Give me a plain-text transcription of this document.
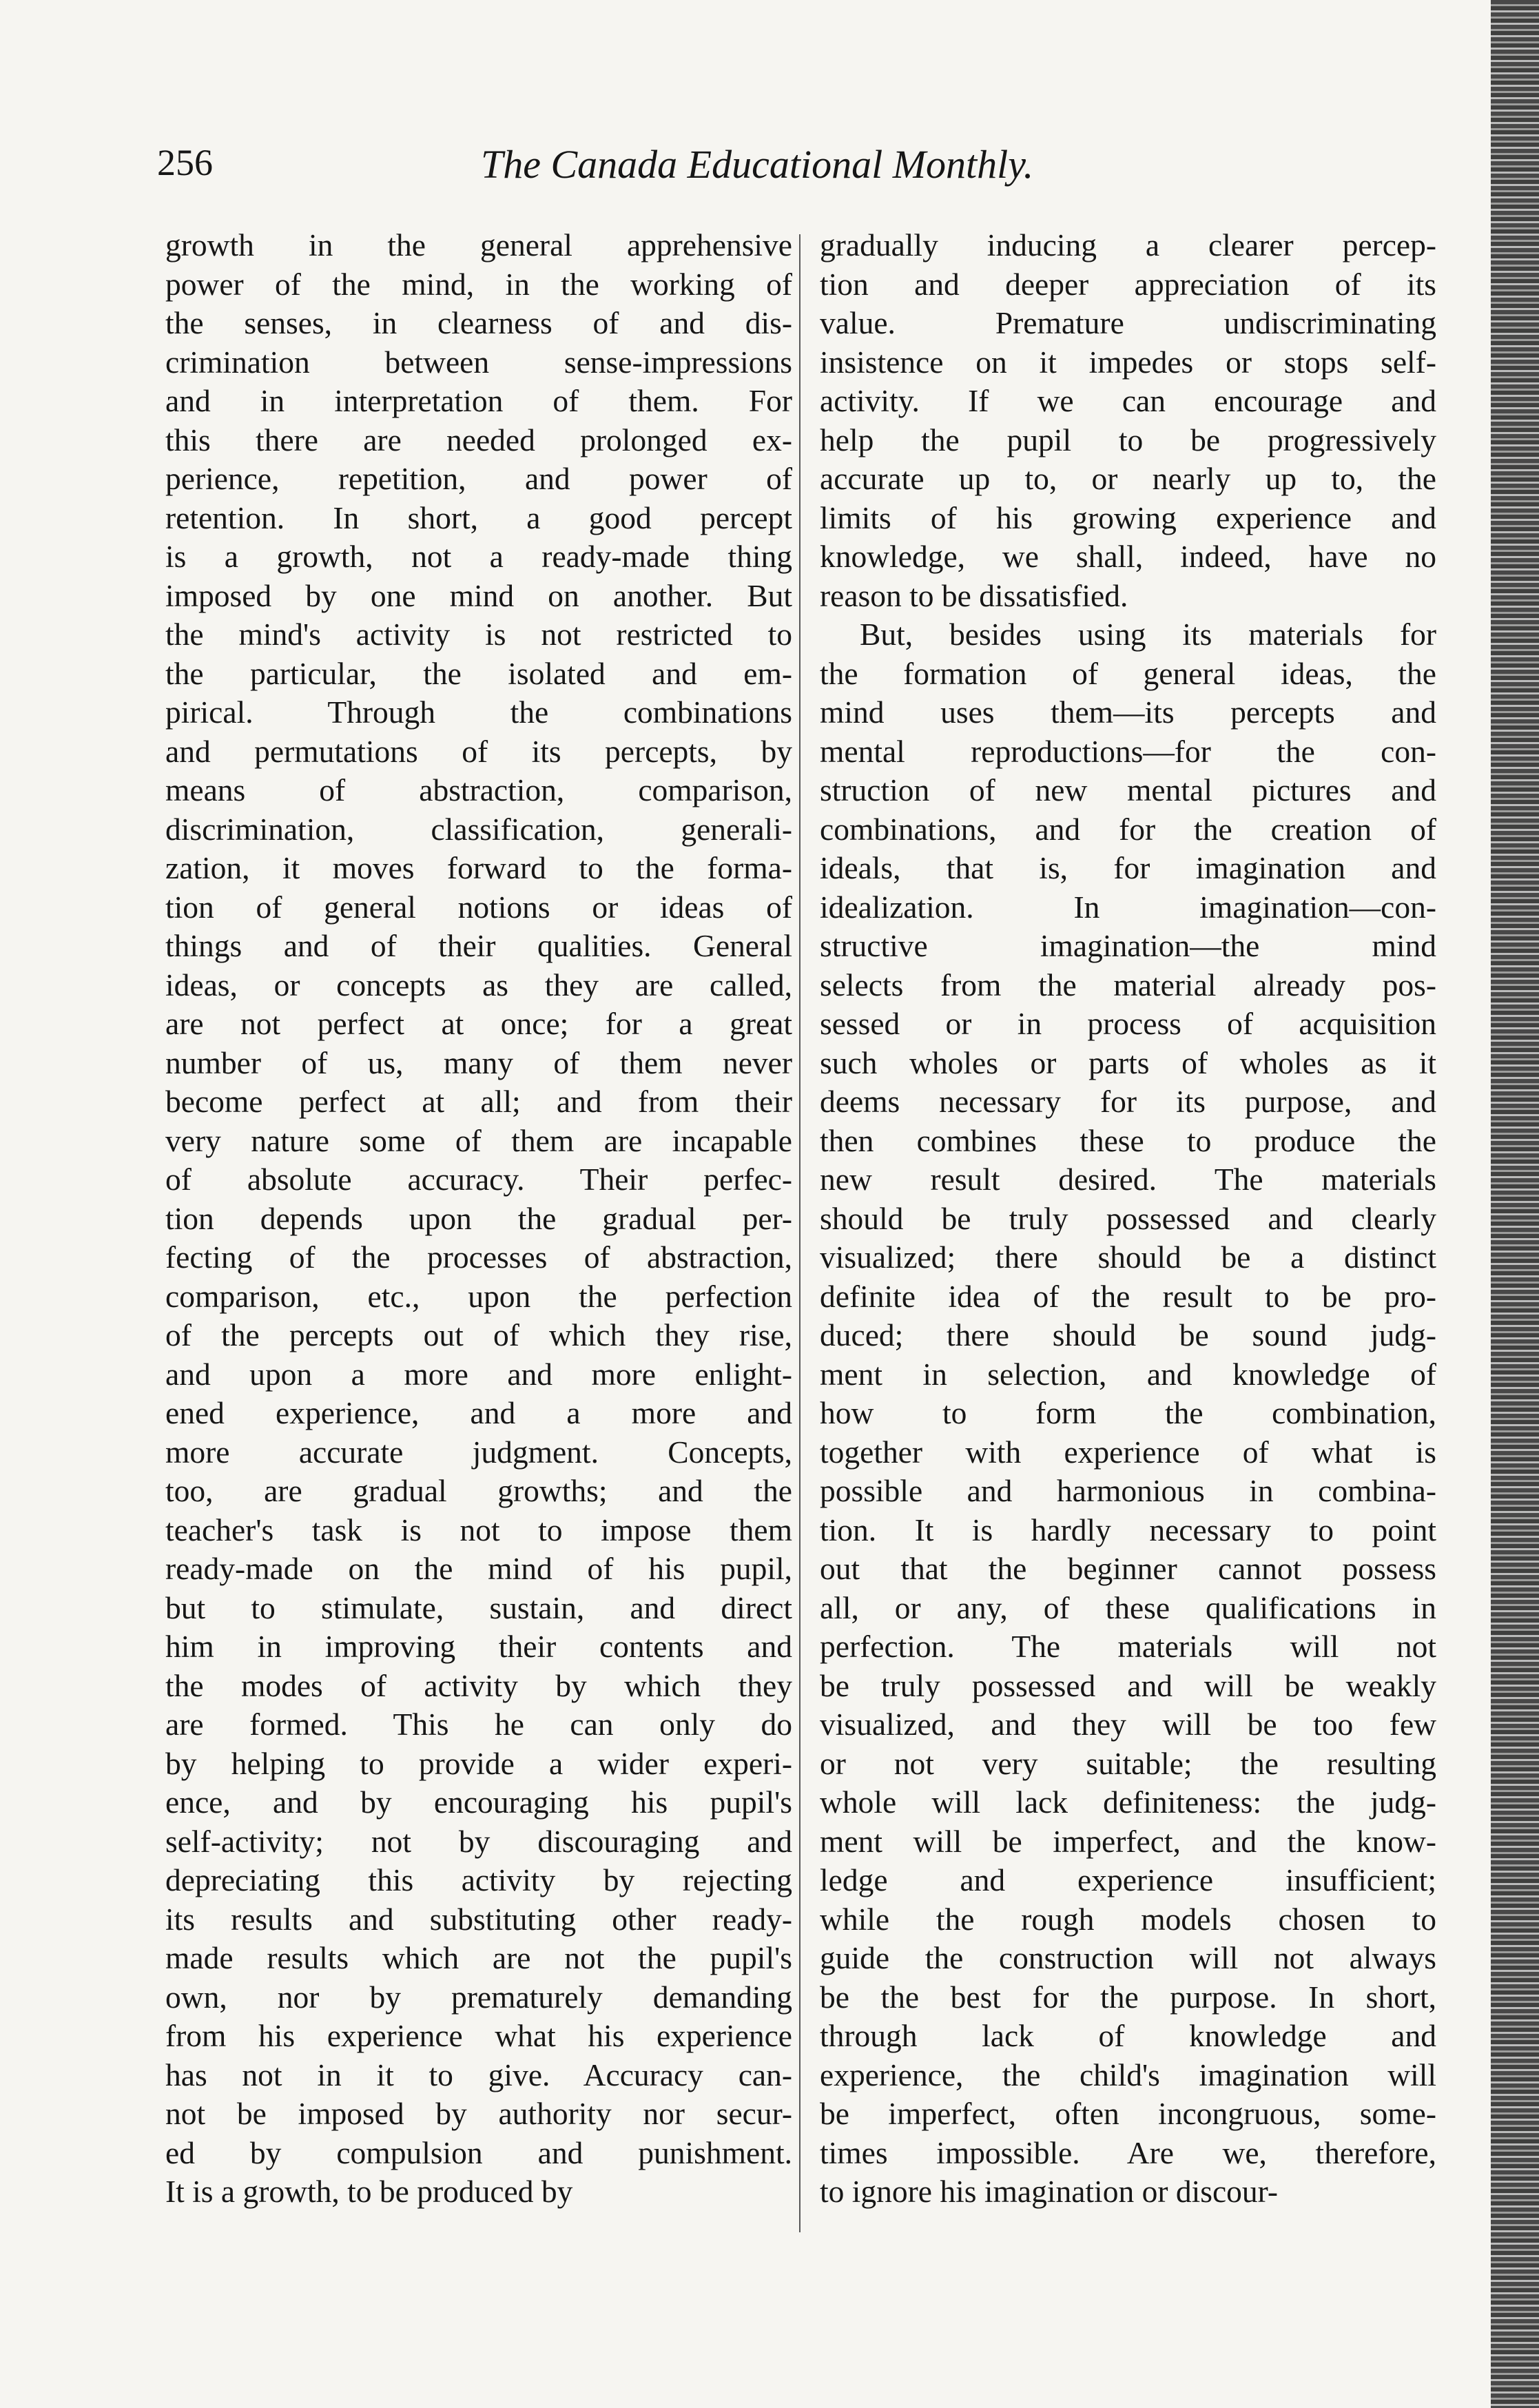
256	The Canada Educational Monthly.
growth in the general apprehensive
power of the mind, in the working of
the senses, in clearness of and dis-
crimination between sense-impressions
and in interpretation of them. For
this there are needed prolonged ex-
perience, repetition, and power of
retention. In short, a good percept
is a growth, not a ready-made thing
imposed by one mind on another. But
the mind's activity is not restricted to
the particular, the isolated and em-
pirical. Through the combinations
and permutations of its percepts, by
means of abstraction, comparison,
discrimination, classification, generali-
zation, it moves forward to the forma-
tion of general notions or ideas of
things and of their qualities. General
ideas, or concepts as they are called,
are not perfect at once; for a great
number of us, many of them never
become perfect at all; and from their
very nature some of them are incapable
of absolute accuracy. Their perfec-
tion depends upon the gradual per-
fecting of the processes of abstraction,
comparison, etc., upon the perfection
of the percepts out of which they rise,
and upon a more and more enlight-
ened experience, and a more and
more accurate judgment. Concepts,
too, are gradual growths; and the
teacher's task is not to impose them
ready-made on the mind of his pupil,
but to stimulate, sustain, and direct
him in improving their contents and
the modes of activity by which they
are formed. This he can only do
by helping to provide a wider experi-
ence, and by encouraging his pupil's
self-activity; not by discouraging and
depreciating this activity by rejecting
its results and substituting other ready-
made results which are not the pupil's
own, nor by prematurely demanding
from his experience what his experience
has not in it to give. Accuracy can-
not be imposed by authority nor secur-
ed by compulsion and punishment.
It is a growth, to be produced by
gradually inducing a clearer percep-
tion and deeper appreciation of its
value. Premature undiscriminating
insistence on it impedes or stops self-
activity. If we can encourage and
help the pupil to be progressively
accurate up to, or nearly up to, the
limits of his growing experience and
knowledge, we shall, indeed, have no
reason to be dissatisfied.
But, besides using its materials for
the formation of general ideas, the
mind uses them—its percepts and
mental reproductions—for the con-
struction of new mental pictures and
combinations, and for the creation of
ideals, that is, for imagination and
idealization. In imagination—con-
structive imagination—the mind
selects from the material already pos-
sessed or in process of acquisition
such wholes or parts of wholes as it
deems necessary for its purpose, and
then combines these to produce the
new result desired. The materials
should be truly possessed and clearly
visualized; there should be a distinct
definite idea of the result to be pro-
duced; there should be sound judg-
ment in selection, and knowledge of
how to form the combination,
together with experience of what is
possible and harmonious in combina-
tion. It is hardly necessary to point
out that the beginner cannot possess
all, or any, of these qualifications in
perfection. The materials will not
be truly possessed and will be weakly
visualized, and they will be too few
or not very suitable; the resulting
whole will lack definiteness: the judg-
ment will be imperfect, and the know-
ledge and experience insufficient;
while the rough models chosen to
guide the construction will not always
be the best for the purpose. In short,
through lack of knowledge and
experience, the child's imagination will
be imperfect, often incongruous, some-
times impossible. Are we, therefore,
to ignore his imagination or discour-
